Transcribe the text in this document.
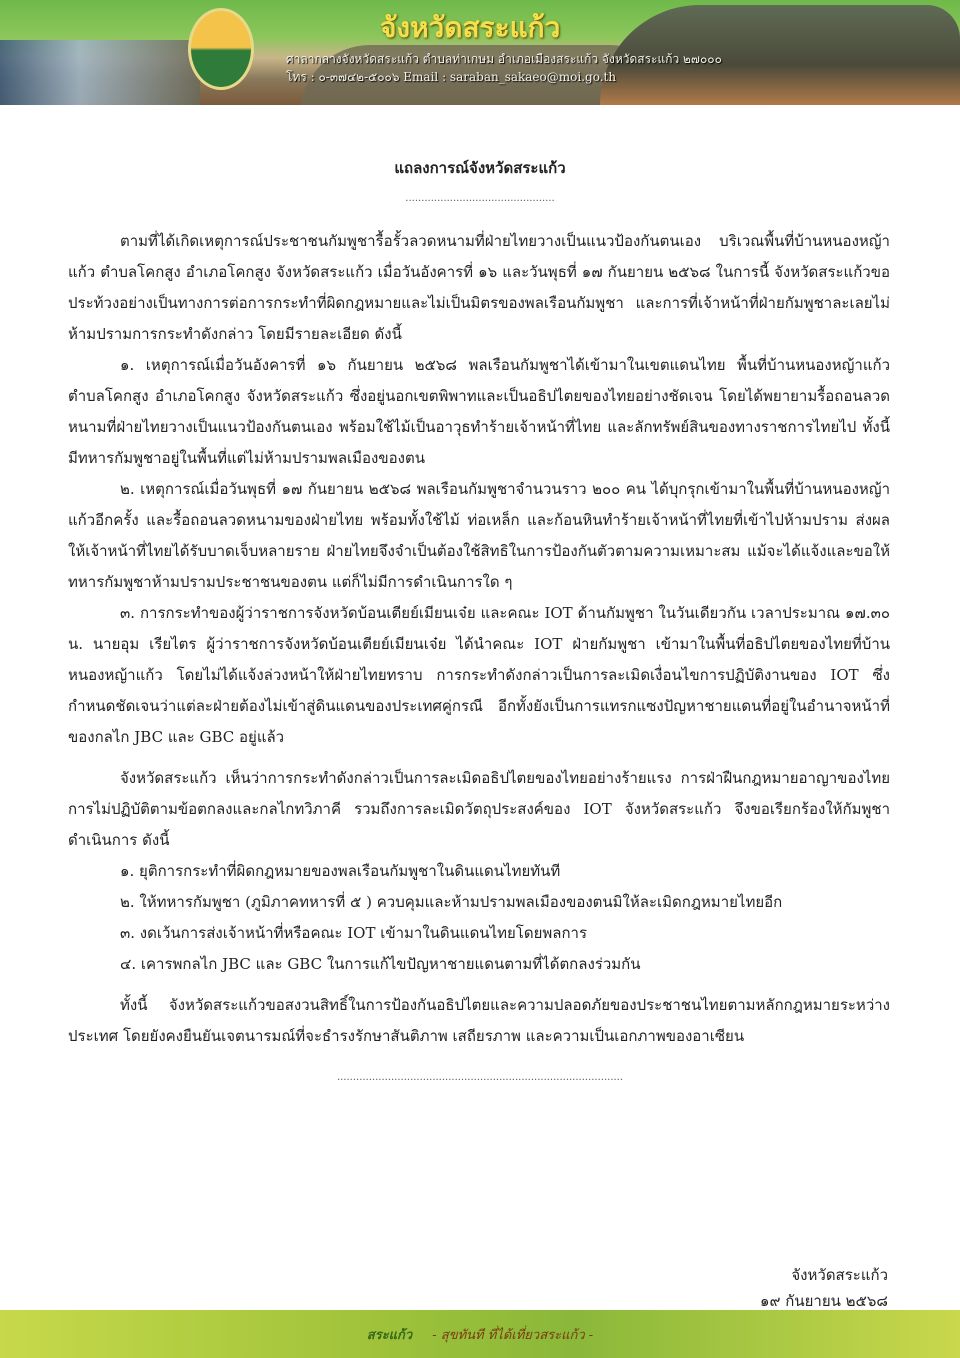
จังหวัดสระแก้ว
ศาลากลางจังหวัดสระแก้ว ตำบลท่าเกษม อำเภอเมืองสระแก้ว จังหวัดสระแก้ว ๒๗๐๐๐
โทร : ๐-๓๗๔๒-๕๐๐๖ Email : saraban_sakaeo@moi.go.th
แถลงการณ์จังหวัดสระแก้ว
...............................................

ตามที่ได้เกิดเหตุการณ์ประชาชนกัมพูชารื้อรั้วลวดหนามที่ฝ่ายไทยวางเป็นแนวป้องกันตนเอง บริเวณพื้นที่บ้านหนองหญ้าแก้ว ตำบลโคกสูง อำเภอโคกสูง จังหวัดสระแก้ว เมื่อวันอังคารที่ ๑๖ และวันพุธที่ ๑๗ กันยายน ๒๕๖๘ ในการนี้ จังหวัดสระแก้วขอประท้วงอย่างเป็นทางการต่อการกระทำที่ผิดกฎหมายและไม่เป็นมิตรของพลเรือนกัมพูชา และการที่เจ้าหน้าที่ฝ่ายกัมพูชาละเลยไม่ห้ามปรามการกระทำดังกล่าว โดยมีรายละเอียด ดังนี้

๑. เหตุการณ์เมื่อวันอังคารที่ ๑๖ กันยายน ๒๕๖๘ พลเรือนกัมพูชาได้เข้ามาในเขตแดนไทย พื้นที่บ้านหนองหญ้าแก้ว ตำบลโคกสูง อำเภอโคกสูง จังหวัดสระแก้ว ซึ่งอยู่นอกเขตพิพาทและเป็นอธิปไตยของไทยอย่างชัดเจน โดยได้พยายามรื้อถอนลวดหนามที่ฝ่ายไทยวางเป็นแนวป้องกันตนเอง พร้อมใช้ไม้เป็นอาวุธทำร้ายเจ้าหน้าที่ไทย และลักทรัพย์สินของทางราชการไทยไป ทั้งนี้ มีทหารกัมพูชาอยู่ในพื้นที่แต่ไม่ห้ามปรามพลเมืองของตน

๒. เหตุการณ์เมื่อวันพุธที่ ๑๗ กันยายน ๒๕๖๘ พลเรือนกัมพูชาจำนวนราว ๒๐๐ คน ได้บุกรุกเข้ามาในพื้นที่บ้านหนองหญ้าแก้วอีกครั้ง และรื้อถอนลวดหนามของฝ่ายไทย พร้อมทั้งใช้ไม้ ท่อเหล็ก และก้อนหินทำร้ายเจ้าหน้าที่ไทยที่เข้าไปห้ามปราม ส่งผลให้เจ้าหน้าที่ไทยได้รับบาดเจ็บหลายราย ฝ่ายไทยจึงจำเป็นต้องใช้สิทธิในการป้องกันตัวตามความเหมาะสม แม้จะได้แจ้งและขอให้ทหารกัมพูชาห้ามปรามประชาชนของตน แต่ก็ไม่มีการดำเนินการใด ๆ

๓. การกระทำของผู้ว่าราชการจังหวัดบ้อนเตียย์เมียนเจ๋ย และคณะ IOT ด้านกัมพูชา ในวันเดียวกัน เวลาประมาณ ๑๗.๓๐ น. นายอุม เรียไตร ผู้ว่าราชการจังหวัดบ้อนเตียย์เมียนเจ๋ย ได้นำคณะ IOT ฝ่ายกัมพูชา เข้ามาในพื้นที่อธิปไตยของไทยที่บ้านหนองหญ้าแก้ว โดยไม่ได้แจ้งล่วงหน้าให้ฝ่ายไทยทราบ การกระทำดังกล่าวเป็นการละเมิดเงื่อนไขการปฏิบัติงานของ IOT ซึ่งกำหนดชัดเจนว่าแต่ละฝ่ายต้องไม่เข้าสู่ดินแดนของประเทศคู่กรณี อีกทั้งยังเป็นการแทรกแซงปัญหาชายแดนที่อยู่ในอำนาจหน้าที่ของกลไก JBC และ GBC อยู่แล้ว

จังหวัดสระแก้ว เห็นว่าการกระทำดังกล่าวเป็นการละเมิดอธิปไตยของไทยอย่างร้ายแรง การฝ่าฝืนกฎหมายอาญาของไทย การไม่ปฏิบัติตามข้อตกลงและกลไกทวิภาคี รวมถึงการละเมิดวัตถุประสงค์ของ IOT จังหวัดสระแก้ว จึงขอเรียกร้องให้กัมพูชาดำเนินการ ดังนี้

๑. ยุติการกระทำที่ผิดกฎหมายของพลเรือนกัมพูชาในดินแดนไทยทันที

๒. ให้ทหารกัมพูชา (ภูมิภาคทหารที่ ๕ ) ควบคุมและห้ามปรามพลเมืองของตนมิให้ละเมิดกฎหมายไทยอีก

๓. งดเว้นการส่งเจ้าหน้าที่หรือคณะ IOT เข้ามาในดินแดนไทยโดยพลการ

๔. เคารพกลไก JBC และ GBC ในการแก้ไขปัญหาชายแดนตามที่ได้ตกลงร่วมกัน

ทั้งนี้ จังหวัดสระแก้วขอสงวนสิทธิ์ในการป้องกันอธิปไตยและความปลอดภัยของประชาชนไทยตามหลักกฎหมายระหว่างประเทศ โดยยังคงยืนยันเจตนารมณ์ที่จะธำรงรักษาสันติภาพ เสถียรภาพ และความเป็นเอกภาพของอาเซียน

..........................................................................................
จังหวัดสระแก้ว
๑๙ กันยายน ๒๕๖๘
สระแก้ว - สุขทันที ที่ได้เที่ยวสระแก้ว -
